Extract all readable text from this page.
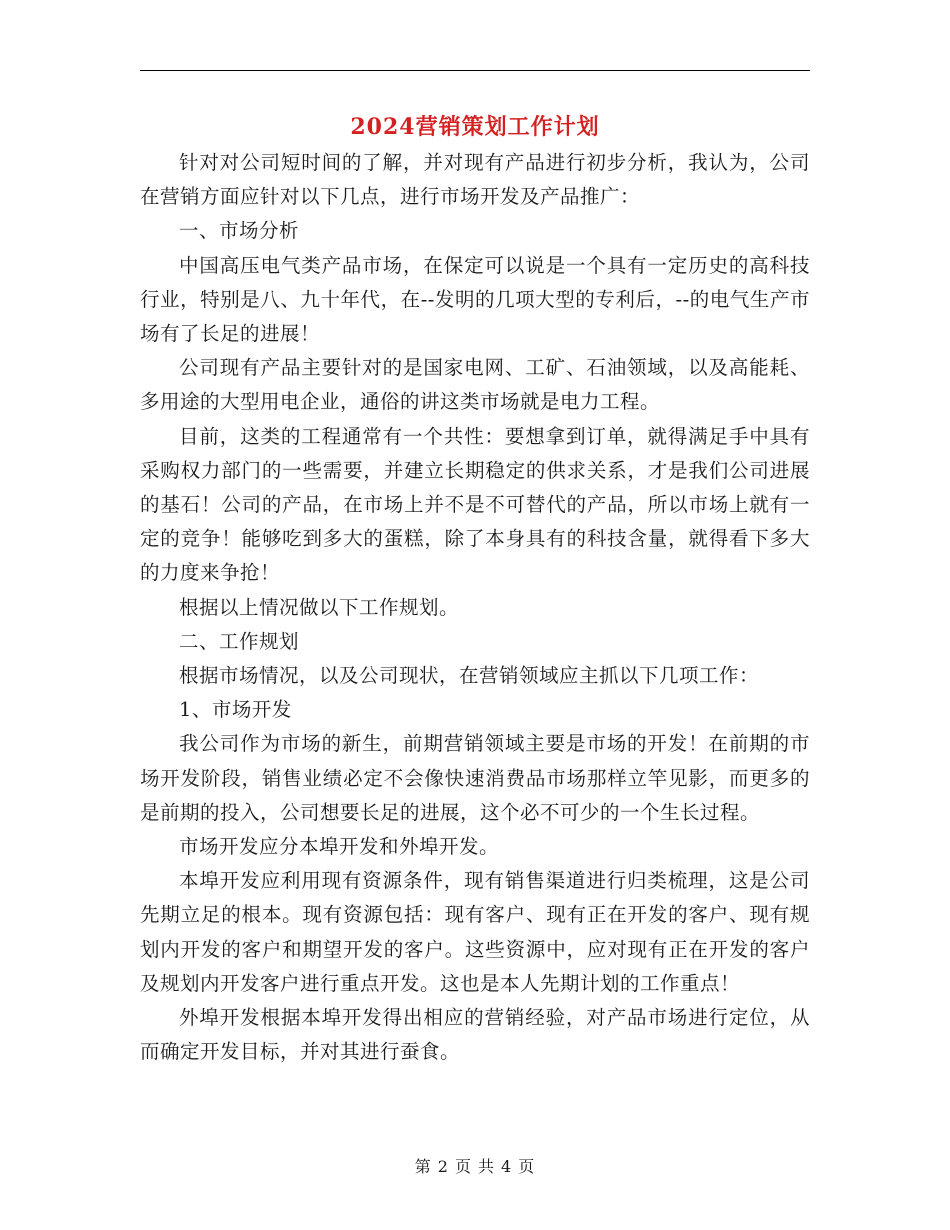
2024营销策划工作计划

针对对公司短时间的了解，并对现有产品进行初步分析，我认为，公司在营销方面应针对以下几点，进行市场开发及产品推广：

一、市场分析

中国高压电气类产品市场，在保定可以说是一个具有一定历史的高科技行业，特别是八、九十年代，在--发明的几项大型的专利后，--的电气生产市场有了长足的进展！

公司现有产品主要针对的是国家电网、工矿、石油领域，以及高能耗、多用途的大型用电企业，通俗的讲这类市场就是电力工程。

目前，这类的工程通常有一个共性：要想拿到订单，就得满足手中具有采购权力部门的一些需要，并建立长期稳定的供求关系，才是我们公司进展的基石！公司的产品，在市场上并不是不可替代的产品，所以市场上就有一定的竞争！能够吃到多大的蛋糕，除了本身具有的科技含量，就得看下多大的力度来争抢！

根据以上情况做以下工作规划。

二、工作规划

根据市场情况，以及公司现状，在营销领域应主抓以下几项工作：

1、市场开发

我公司作为市场的新生，前期营销领域主要是市场的开发！在前期的市场开发阶段，销售业绩必定不会像快速消费品市场那样立竿见影，而更多的是前期的投入，公司想要长足的进展，这个必不可少的一个生长过程。

市场开发应分本埠开发和外埠开发。

本埠开发应利用现有资源条件，现有销售渠道进行归类梳理，这是公司先期立足的根本。现有资源包括：现有客户、现有正在开发的客户、现有规划内开发的客户和期望开发的客户。这些资源中，应对现有正在开发的客户及规划内开发客户进行重点开发。这也是本人先期计划的工作重点！

外埠开发根据本埠开发得出相应的营销经验，对产品市场进行定位，从而确定开发目标，并对其进行蚕食。

第 2 页 共 4 页
